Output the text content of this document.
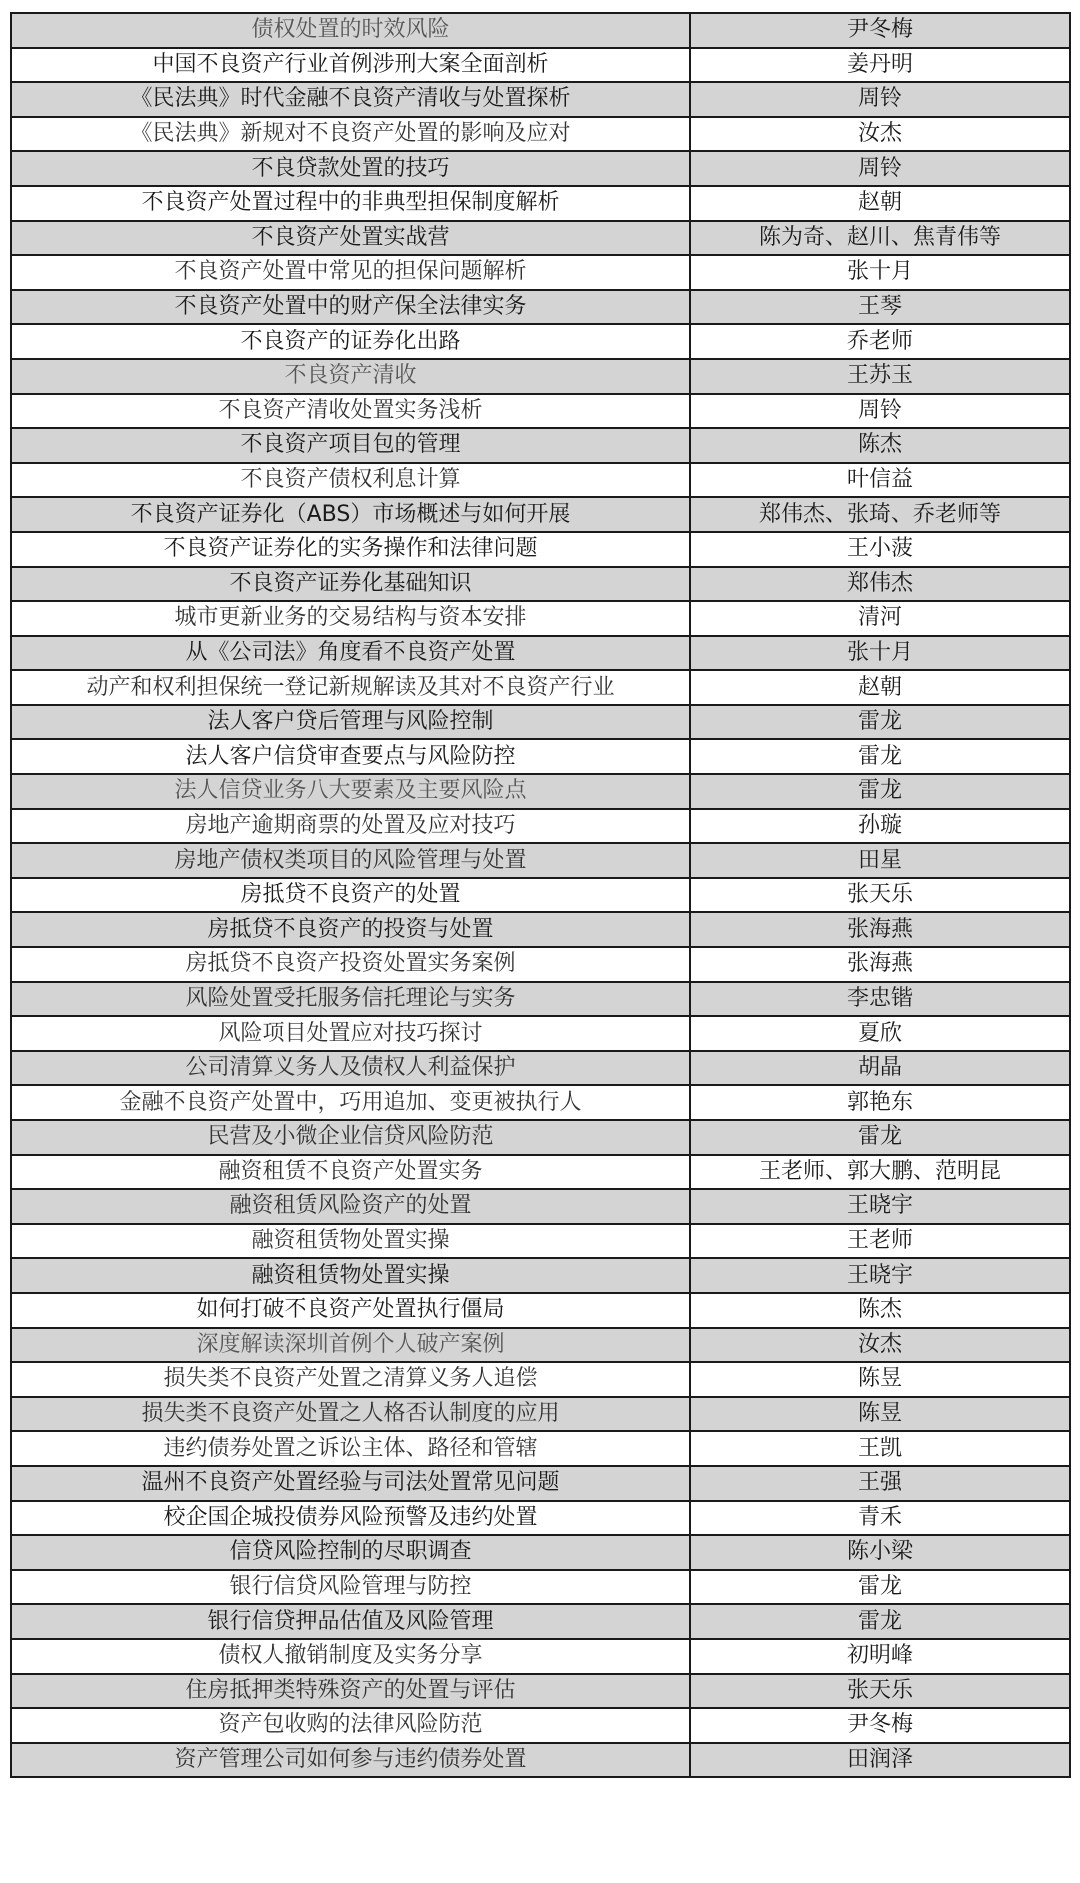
债权处置的时效风险	尹冬梅
中国不良资产行业首例涉刑大案全面剖析	姜丹明
《民法典》时代金融不良资产清收与处置探析	周铃
《民法典》新规对不良资产处置的影响及应对	汝杰
不良贷款处置的技巧	周铃
不良资产处置过程中的非典型担保制度解析	赵朝
不良资产处置实战营	陈为奇、赵川、焦青伟等
不良资产处置中常见的担保问题解析	张十月
不良资产处置中的财产保全法律实务	王琴
不良资产的证券化出路	乔老师
不良资产清收	王苏玉
不良资产清收处置实务浅析	周铃
不良资产项目包的管理	陈杰
不良资产债权利息计算	叶信益
不良资产证券化（ABS）市场概述与如何开展	郑伟杰、张琦、乔老师等
不良资产证券化的实务操作和法律问题	王小菠
不良资产证券化基础知识	郑伟杰
城市更新业务的交易结构与资本安排	清河
从《公司法》角度看不良资产处置	张十月
动产和权利担保统一登记新规解读及其对不良资产行业	赵朝
法人客户贷后管理与风险控制	雷龙
法人客户信贷审查要点与风险防控	雷龙
法人信贷业务八大要素及主要风险点	雷龙
房地产逾期商票的处置及应对技巧	孙璇
房地产债权类项目的风险管理与处置	田星
房抵贷不良资产的处置	张天乐
房抵贷不良资产的投资与处置	张海燕
房抵贷不良资产投资处置实务案例	张海燕
风险处置受托服务信托理论与实务	李忠锴
风险项目处置应对技巧探讨	夏欣
公司清算义务人及债权人利益保护	胡晶
金融不良资产处置中，巧用追加、变更被执行人	郭艳东
民营及小微企业信贷风险防范	雷龙
融资租赁不良资产处置实务	王老师、郭大鹏、范明昆
融资租赁风险资产的处置	王晓宇
融资租赁物处置实操	王老师
融资租赁物处置实操	王晓宇
如何打破不良资产处置执行僵局	陈杰
深度解读深圳首例个人破产案例	汝杰
损失类不良资产处置之清算义务人追偿	陈昱
损失类不良资产处置之人格否认制度的应用	陈昱
违约债券处置之诉讼主体、路径和管辖	王凯
温州不良资产处置经验与司法处置常见问题	王强
校企国企城投债券风险预警及违约处置	青禾
信贷风险控制的尽职调查	陈小梁
银行信贷风险管理与防控	雷龙
银行信贷押品估值及风险管理	雷龙
债权人撤销制度及实务分享	初明峰
住房抵押类特殊资产的处置与评估	张天乐
资产包收购的法律风险防范	尹冬梅
资产管理公司如何参与违约债券处置	田润泽
